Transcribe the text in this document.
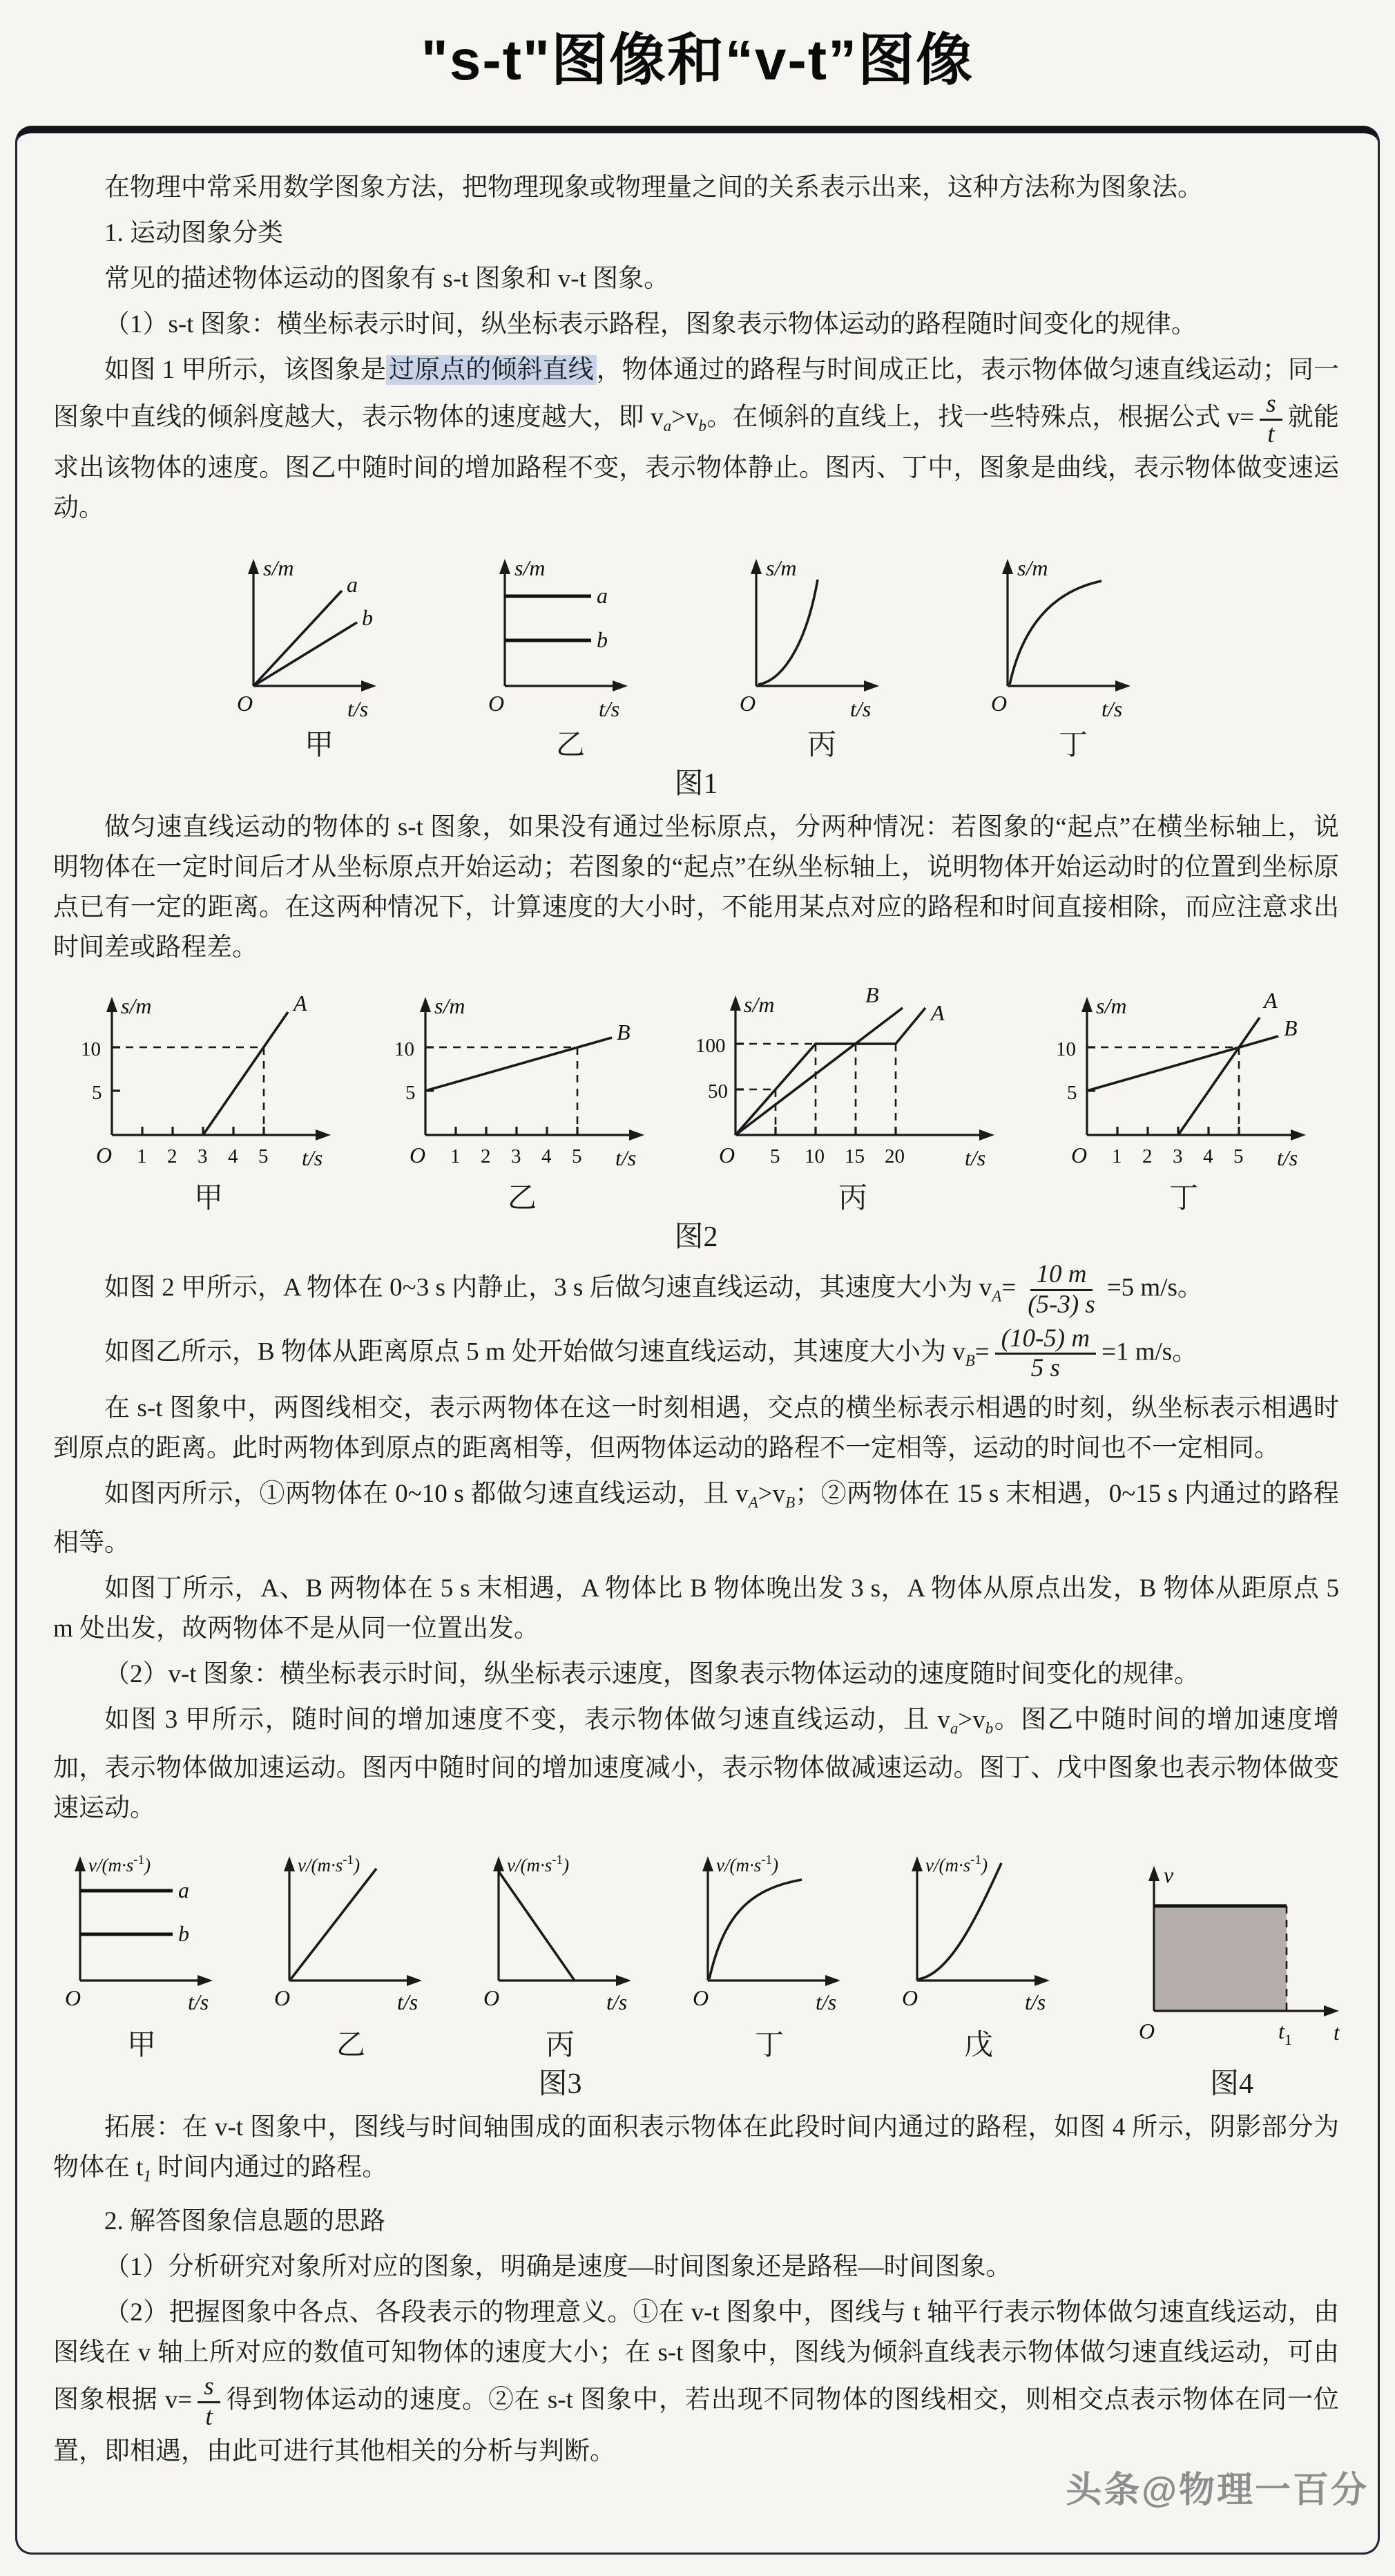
"s-t"图像和“v-t”图像

在物理中常采用数学图象方法，把物理现象或物理量之间的关系表示出来，这种方法称为图象法。

1. 运动图象分类

常见的描述物体运动的图象有 s-t 图象和 v-t 图象。

（1）s-t 图象：横坐标表示时间，纵坐标表示路程，图象表示物体运动的路程随时间变化的规律。

如图 1 甲所示，该图象是 过原点的倾斜直线 ，物体通过的路程与时间成正比，表示物体做匀速直线运动；同一图象中直线的倾斜度越大，表示物体的速度越大，即 $v_a>v_b$。在倾斜的直线上，找一些特殊点，根据公式 $v= \frac{s}{t}$ 就能求出该物体的速度。图乙中随时间的增加路程不变，表示物体静止。图丙、丁中，图象是曲线，表示物体做变速运动。

s/m
t/s
O
a
b
甲
s/m
t/s
O
a
b
乙
s/m
t/s
O
丙
s/m
t/s
O
丁
图1

做匀速直线运动的物体的 s-t 图象，如果没有通过坐标原点，分两种情况：若图象的“起点”在横坐标轴上，说明物体在一定时间后才从坐标原点开始运动；若图象的“起点”在纵坐标轴上，说明物体开始运动时的位置到坐标原点已有一定的距离。在这两种情况下，计算速度的大小时，不能用某点对应的路程和时间直接相除，而应注意求出时间差或路程差。

s/m
t/s
O
10
5
1 2 3 4 5
A
甲
s/m
t/s
O
10
5
1 2 3 4 5
B
乙
s/m
t/s
O
100
50
5 10 15 20
B
A
丙
s/m
t/s
O
10
5
1 2 3 4 5
A
B
丁
图2

如图 2 甲所示，A 物体在 0~3 s 内静止，3 s 后做匀速直线运动，其速度大小为 $v_A= \frac{10 m}{(5-3) s} =5$ m/s。

如图乙所示，B 物体从距离原点 5 m 处开始做匀速直线运动，其速度大小为 $v_B= \frac{(10-5) m}{5 s} =1$ m/s。

在 s-t 图象中，两图线相交，表示两物体在这一时刻相遇，交点的横坐标表示相遇的时刻，纵坐标表示相遇时到原点的距离。此时两物体到原点的距离相等，但两物体运动的路程不一定相等，运动的时间也不一定相同。

如图丙所示，①两物体在 0~10 s 都做匀速直线运动，且 $v_A>v_B$；②两物体在 15 s 末相遇，0~15 s 内通过的路程相等。

如图丁所示，A、B 两物体在 5 s 末相遇，A 物体比 B 物体晚出发 3 s，A 物体从原点出发，B 物体从距原点 5 m 处出发，故两物体不是从同一位置出发。

（2）v-t 图象：横坐标表示时间，纵坐标表示速度，图象表示物体运动的速度随时间变化的规律。

如图 3 甲所示，随时间的增加速度不变，表示物体做匀速直线运动，且 $v_a>v_b$。图乙中随时间的增加速度增加，表示物体做加速运动。图丙中随时间的增加速度减小，表示物体做减速运动。图丁、戊中图象也表示物体做变速运动。

$v/(m\cdot s^{-1})$
t/s
O
a
b
甲
$v/(m\cdot s^{-1})$
t/s
O
乙
$v/(m\cdot s^{-1})$
t/s
O
丙
$v/(m\cdot s^{-1})$
t/s
O
丁
$v/(m\cdot s^{-1})$
t/s
O
戊
图3
v
t
O	$t_1$
图4

拓展：在 v-t 图象中，图线与时间轴围成的面积表示物体在此段时间内通过的路程，如图 4 所示，阴影部分为物体在 $t_1$ 时间内通过的路程。

2. 解答图象信息题的思路

（1）分析研究对象所对应的图象，明确是速度—时间图象还是路程—时间图象。

（2）把握图象中各点、各段表示的物理意义。①在 v-t 图象中，图线与 t 轴平行表示物体做匀速直线运动，由图线在 v 轴上所对应的数值可知物体的速度大小；在 s-t 图象中，图线为倾斜直线表示物体做匀速直线运动，可由图象根据 $v= \frac{s}{t}$ 得到物体运动的速度。②在 s-t 图象中，若出现不同物体的图线相交，则相交点表示物体在同一位置，即相遇，由此可进行其他相关的分析与判断。

头条@物理一百分
